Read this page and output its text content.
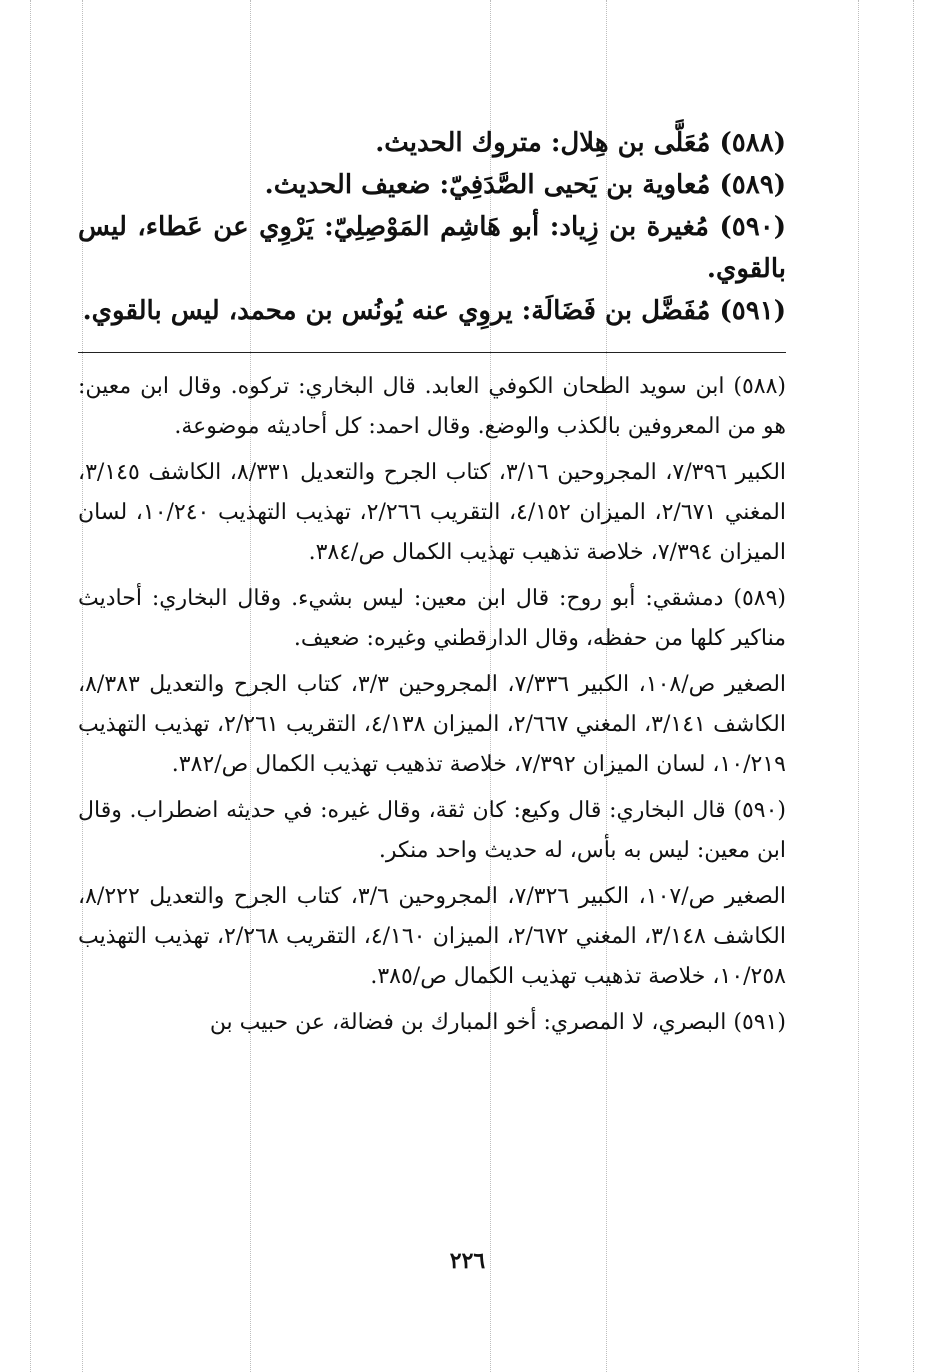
(٥٨٨) مُعَلَّى بن هِلال: متروك الحديث.

(٥٨٩) مُعاوية بن يَحيى الصَّدَفِيّ: ضعيف الحديث.

(٥٩٠) مُغيرة بن زِياد: أبو هَاشِم المَوْصِلِيّ: يَرْوِي عن عَطاء، ليس بالقوي.

(٥٩١) مُفَضَّل بن فَضَالَة: يروِي عنه يُونُس بن محمد، ليس بالقوي.

(٥٨٨) ابن سويد الطحان الكوفي العابد. قال البخاري: تركوه. وقال ابن معين: هو من المعروفين بالكذب والوضع. وقال احمد: كل أحاديثه موضوعة.

الكبير ٧/٣٩٦، المجروحين ٣/١٦، كتاب الجرح والتعديل ٨/٣٣١، الكاشف ٣/١٤٥، المغني ٢/٦٧١، الميزان ٤/١٥٢، التقريب ٢/٢٦٦، تهذيب التهذيب ١٠/٢٤٠، لسان الميزان ٧/٣٩٤، خلاصة تذهيب تهذيب الكمال ص/٣٨٤.

(٥٨٩) دمشقي: أبو روح: قال ابن معين: ليس بشيء. وقال البخاري: أحاديث مناكير كلها من حفظه، وقال الدارقطني وغيره: ضعيف.

الصغير ص/١٠٨، الكبير ٧/٣٣٦، المجروحين ٣/٣، كتاب الجرح والتعديل ٨/٣٨٣، الكاشف ٣/١٤١، المغني ٢/٦٦٧، الميزان ٤/١٣٨، التقريب ٢/٢٦١، تهذيب التهذيب ١٠/٢١٩، لسان الميزان ٧/٣٩٢، خلاصة تذهيب تهذيب الكمال ص/٣٨٢.

(٥٩٠) قال البخاري: قال وكيع: كان ثقة، وقال غيره: في حديثه اضطراب. وقال ابن معين: ليس به بأس، له حديث واحد منكر.

الصغير ص/١٠٧، الكبير ٧/٣٢٦، المجروحين ٣/٦، كتاب الجرح والتعديل ٨/٢٢٢، الكاشف ٣/١٤٨، المغني ٢/٦٧٢، الميزان ٤/١٦٠، التقريب ٢/٢٦٨، تهذيب التهذيب ١٠/٢٥٨، خلاصة تذهيب تهذيب الكمال ص/٣٨٥.

(٥٩١) البصري، لا المصري: أخو المبارك بن فضالة، عن حبيب بن

٢٢٦
